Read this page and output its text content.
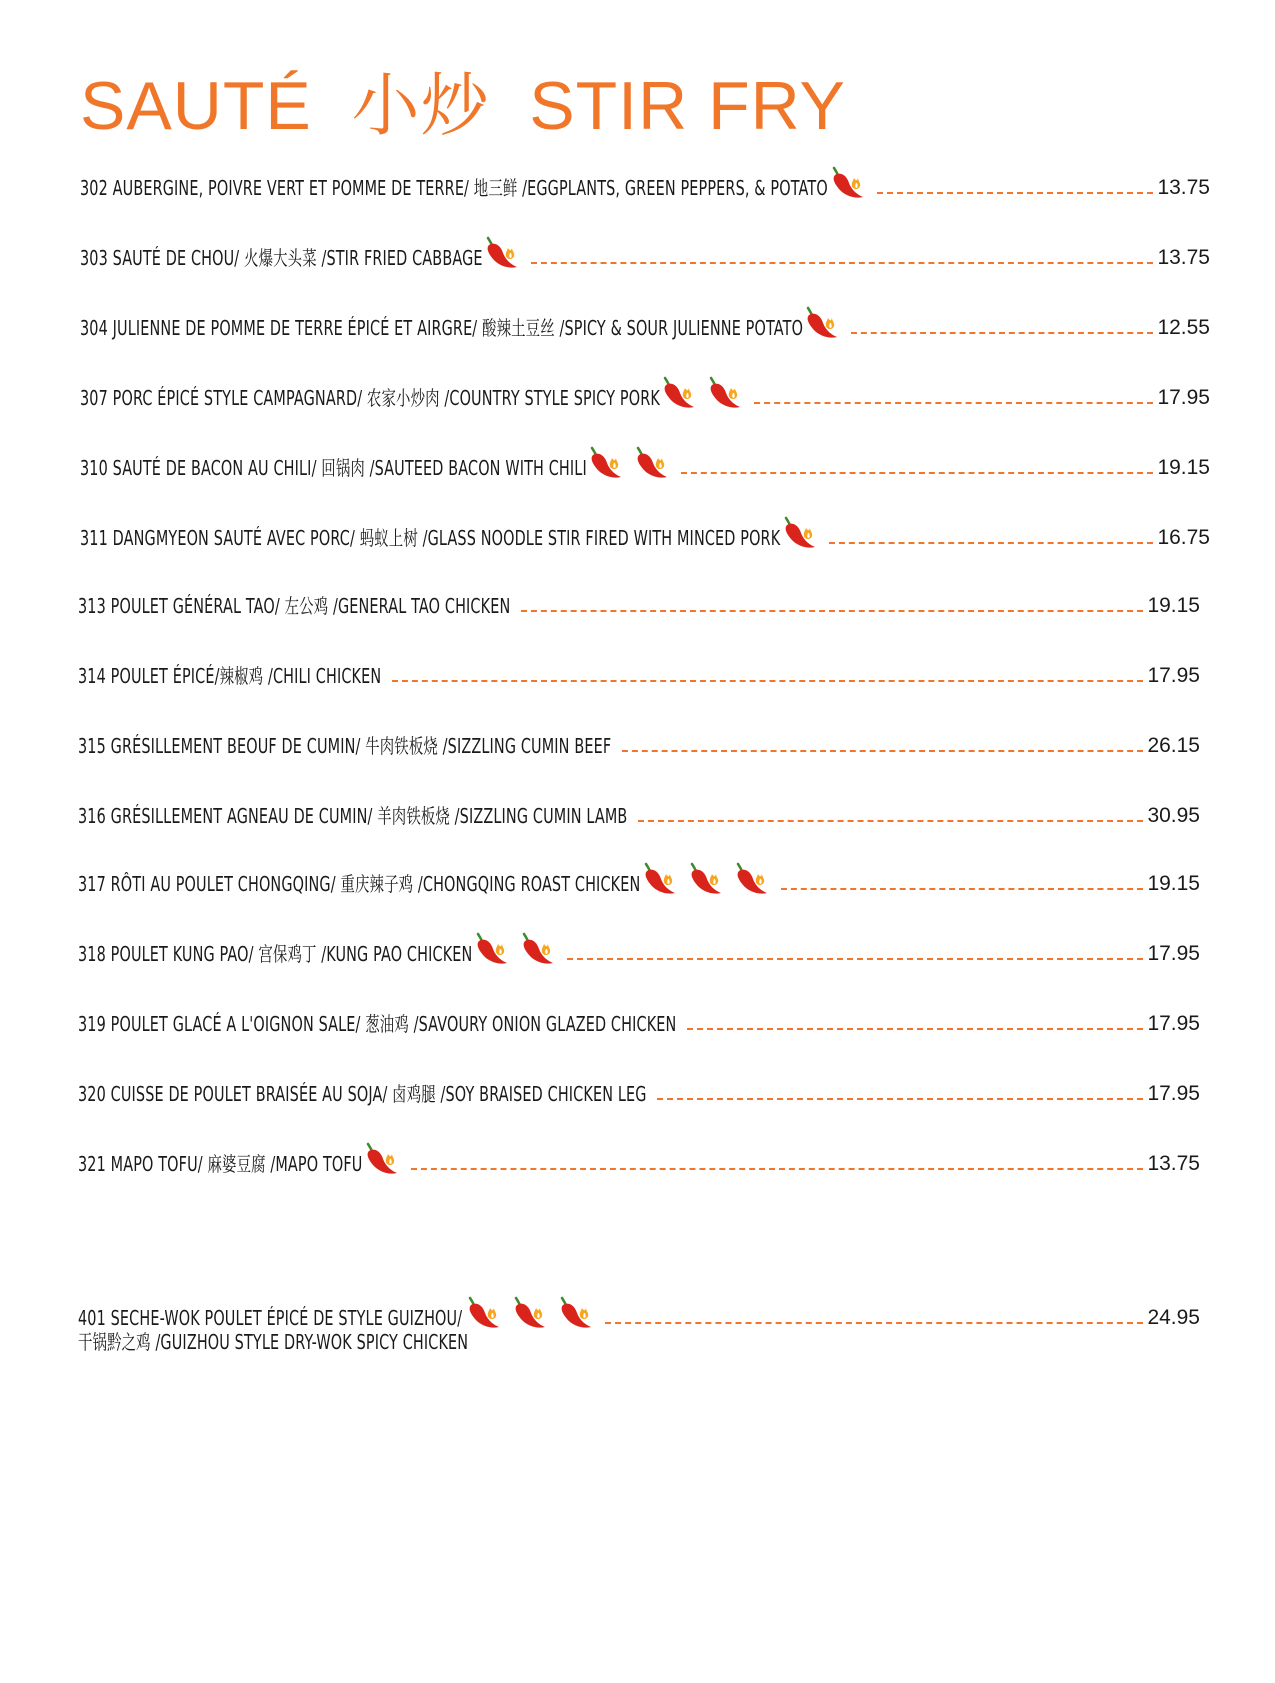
SAUTÉ  小炒  STIR FRY
302 AUBERGINE, POIVRE VERT ET POMME DE TERRE/ 地三鲜 /EGGPLANTS, GREEN PEPPERS, & POTATO	13.75
303 SAUTÉ DE CHOU/ 火爆大头菜 /STIR FRIED CABBAGE	13.75
304 JULIENNE DE POMME DE TERRE ÉPICÉ ET AIRGRE/ 酸辣土豆丝 /SPICY & SOUR JULIENNE POTATO	12.55
307 PORC ÉPICÉ STYLE CAMPAGNARD/ 农家小炒肉 /COUNTRY STYLE SPICY PORK	17.95
310 SAUTÉ DE BACON AU CHILI/ 回锅肉 /SAUTEED BACON WITH CHILI	19.15
311 DANGMYEON SAUTÉ AVEC PORC/ 蚂蚁上树 /GLASS NOODLE STIR FIRED WITH MINCED PORK	16.75
313 POULET GÉNÉRAL TAO/ 左公鸡 /GENERAL TAO CHICKEN	19.15
314 POULET ÉPICÉ/辣椒鸡 /CHILI CHICKEN	17.95
315 GRÉSILLEMENT BEOUF DE CUMIN/ 牛肉铁板烧 /SIZZLING CUMIN BEEF	26.15
316 GRÉSILLEMENT AGNEAU DE CUMIN/ 羊肉铁板烧 /SIZZLING CUMIN LAMB	30.95
317 RÔTI AU POULET CHONGQING/ 重庆辣子鸡 /CHONGQING ROAST CHICKEN	19.15
318 POULET KUNG PAO/ 宫保鸡丁 /KUNG PAO CHICKEN	17.95
319 POULET GLACÉ A L'OIGNON SALE/ 葱油鸡 /SAVOURY ONION GLAZED CHICKEN	17.95
320 CUISSE DE POULET BRAISÉE AU SOJA/ 卤鸡腿 /SOY BRAISED CHICKEN LEG	17.95
321 MAPO TOFU/ 麻婆豆腐 /MAPO TOFU	13.75
401 SECHE-WOK POULET ÉPICÉ DE STYLE GUIZHOU/	24.95
干锅黔之鸡 /GUIZHOU STYLE DRY-WOK SPICY CHICKEN
